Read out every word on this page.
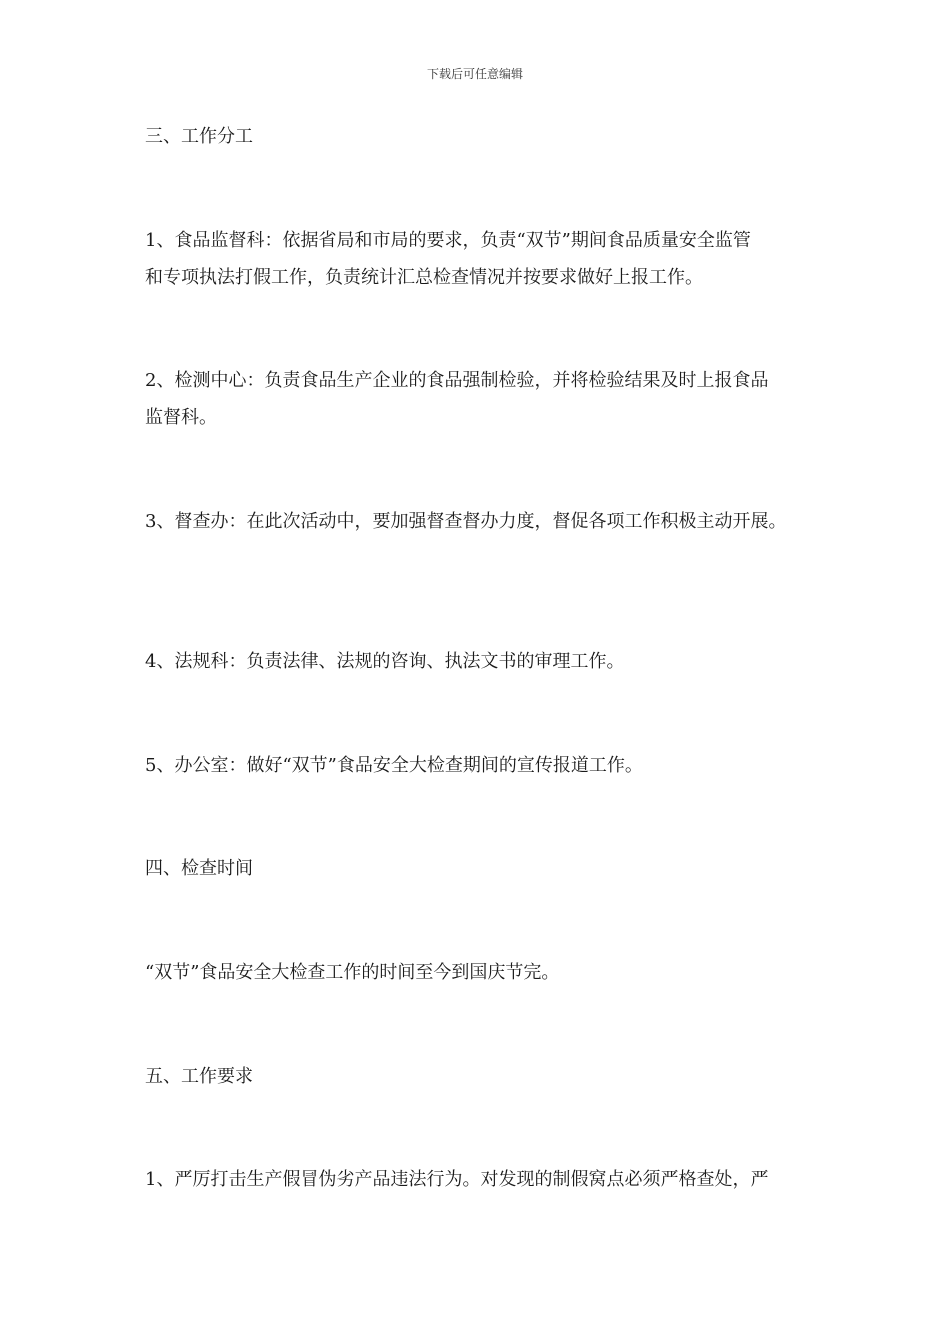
下载后可任意编辑
三、工作分工
1、食品监督科：依据省局和市局的要求，负责“双节”期间食品质量安全监管
和专项执法打假工作，负责统计汇总检查情况并按要求做好上报工作。
2、检测中心：负责食品生产企业的食品强制检验，并将检验结果及时上报食品
监督科。
3、督查办：在此次活动中，要加强督查督办力度，督促各项工作积极主动开展。
4、法规科：负责法律、法规的咨询、执法文书的审理工作。
5、办公室：做好“双节”食品安全大检查期间的宣传报道工作。
四、检查时间
“双节”食品安全大检查工作的时间至今到国庆节完。
五、工作要求
1、严厉打击生产假冒伪劣产品违法行为。对发现的制假窝点必须严格查处，严
